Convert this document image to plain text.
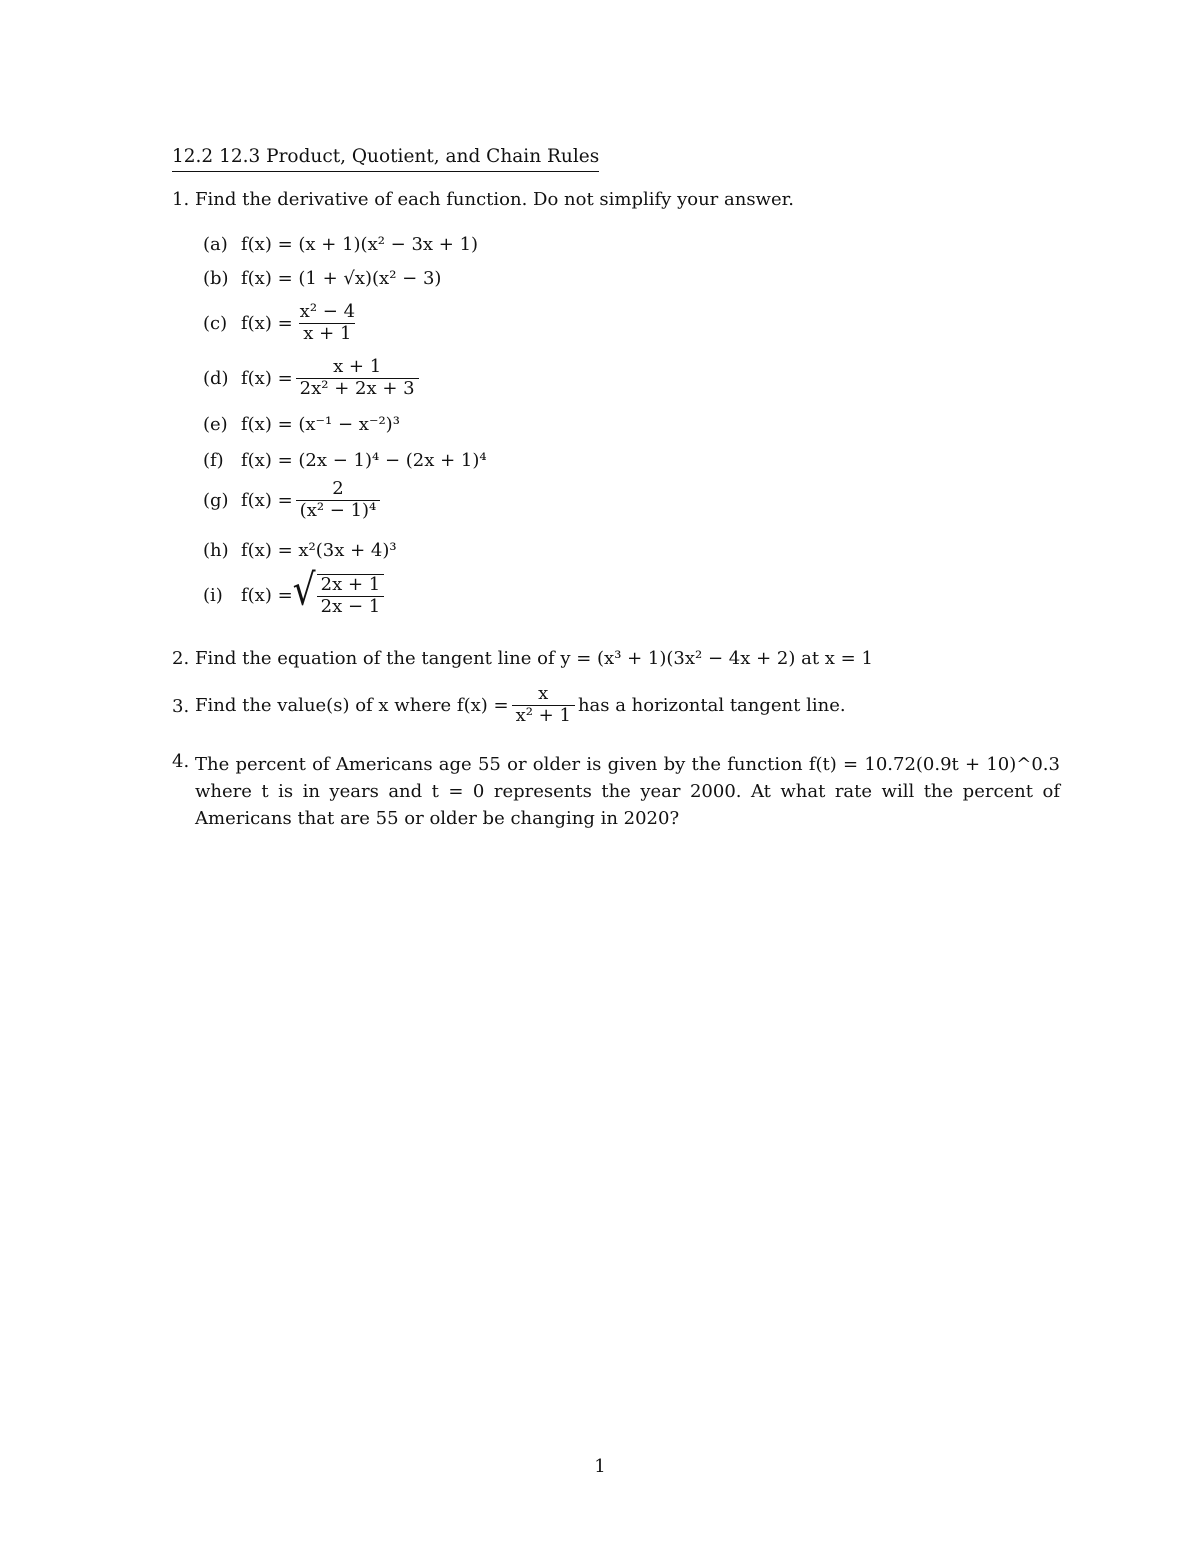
12.2 12.3 Product, Quotient, and Chain Rules
1. Find the derivative of each function. Do not simplify your answer.
(a) f(x) = (x + 1)(x² − 3x + 1)
(b) f(x) = (1 + √x)(x² − 3)
(c) $f(x) = \frac{\text{x² − 4}}{x + 1}$
(d) $f(x) = \frac{x + 1}{\text{2x² + 2x + 3}}$
(e) f(x) = (x⁻¹ − x⁻²)³
(f) f(x) = (2x − 1)⁴ − (2x + 1)⁴
(g) $f(x) = \frac{2}{\text{(x² − 1)⁴}}$
(h) f(x) = x²(3x + 4)³
(i)	f(x) = √ $\frac{2x + 1}{2x - 1}$
2. Find the equation of the tangent line of y = (x³ + 1)(3x² − 4x + 2) at x = 1
3. Find the value(s) of x where $f(x) = \frac{x}{\text{x² + 1}}$ has a horizontal tangent line.
4. The percent of Americans age 55 or older is given by the function f(t) = 10.72(0.9t + 10)^0.3 where t is in years and t = 0 represents the year 2000. At what rate will the percent of Americans that are 55 or older be changing in 2020?
1
